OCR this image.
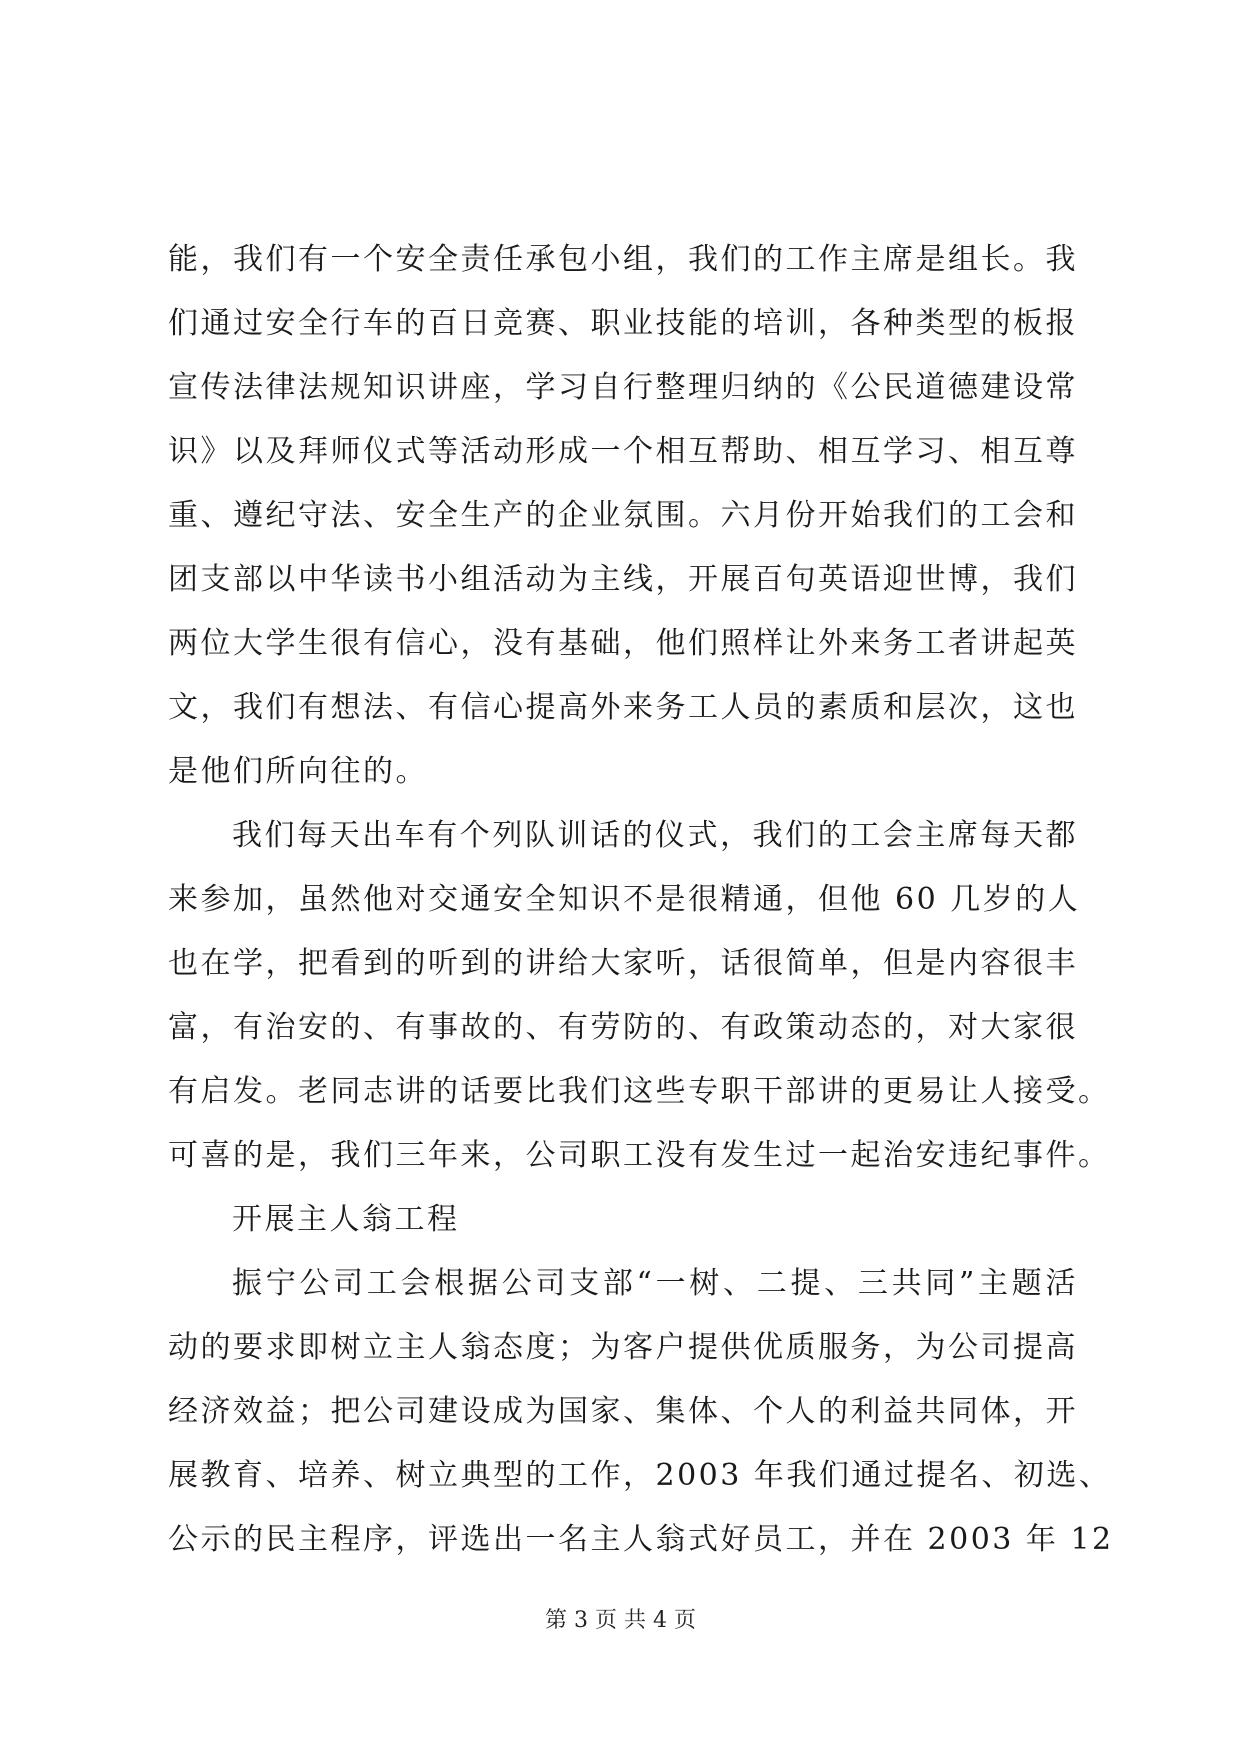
能，我们有一个安全责任承包小组，我们的工作主席是组长。我
们通过安全行车的百日竞赛、职业技能的培训，各种类型的板报
宣传法律法规知识讲座，学习自行整理归纳的《公民道德建设常
识》以及拜师仪式等活动形成一个相互帮助、相互学习、相互尊
重、遵纪守法、安全生产的企业氛围。六月份开始我们的工会和
团支部以中华读书小组活动为主线，开展百句英语迎世博，我们
两位大学生很有信心，没有基础，他们照样让外来务工者讲起英
文，我们有想法、有信心提高外来务工人员的素质和层次，这也
是他们所向往的。
我们每天出车有个列队训话的仪式，我们的工会主席每天都
来参加，虽然他对交通安全知识不是很精通，但他 60 几岁的人
也在学，把看到的听到的讲给大家听，话很简单，但是内容很丰
富，有治安的、有事故的、有劳防的、有政策动态的，对大家很
有启发。老同志讲的话要比我们这些专职干部讲的更易让人接受。
可喜的是，我们三年来，公司职工没有发生过一起治安违纪事件。
开展主人翁工程
振宁公司工会根据公司支部“一树、二提、三共同”主题活
动的要求即树立主人翁态度；为客户提供优质服务，为公司提高
经济效益；把公司建设成为国家、集体、个人的利益共同体，开
展教育、培养、树立典型的工作，2003 年我们通过提名、初选、
公示的民主程序，评选出一名主人翁式好员工，并在 2003 年 12
第 3 页 共 4 页
